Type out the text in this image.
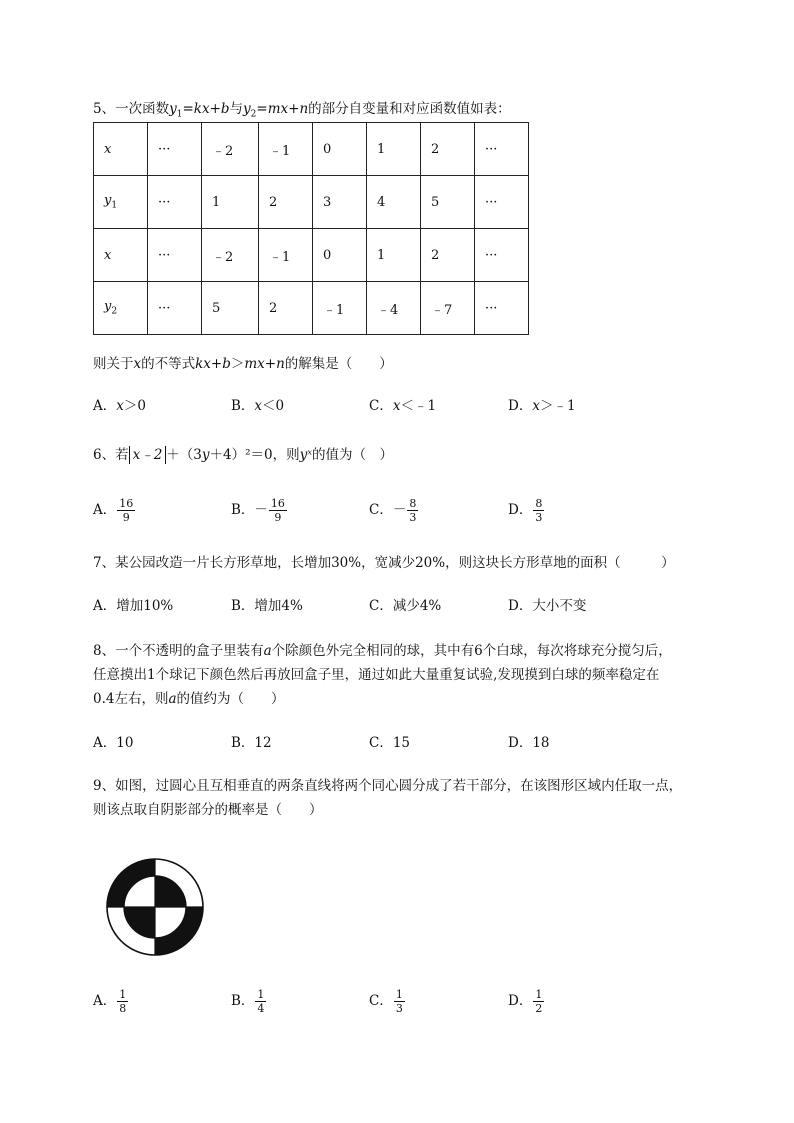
5、一次函数$y_1=kx+b$与$y_2=mx+n$的部分自变量和对应函数值如表：
x	···	﹣2	﹣1	0	1	2	···
$y_1$	···	1	2	3	4	5	···
x	···	﹣2	﹣1	0	1	2	···
$y_2$	···	5	2	﹣1	﹣4	﹣7	···
则关于x的不等式kx+b＞mx+n的解集是（　　）
A．x＞0	B．x＜0	C．x＜﹣1	D．x＞﹣1
6、若 x﹣2 ＋（3y＋4）²＝0，则yˣ的值为（　）
A． $\frac{16}{9}$	B．－ $\frac{16}{9}$	C．－ $\frac{8}{3}$	D． $\frac{8}{3}$
7、某公园改造一片长方形草地，长增加30%，宽减少20%，则这块长方形草地的面积（　　　）
A．增加10%	B．增加4%	C．减少4%	D．大小不变
8、一个不透明的盒子里装有a个除颜色外完全相同的球，其中有6个白球，每次将球充分搅匀后，
任意摸出1个球记下颜色然后再放回盒子里，通过如此大量重复试验,发现摸到白球的频率稳定在
0.4左右，则a的值约为（　　）
A．10	B．12	C．15	D．18
9、如图，过圆心且互相垂直的两条直线将两个同心圆分成了若干部分，在该图形区域内任取一点，
则该点取自阴影部分的概率是（　　）
A． $\frac{1}{8}$	B． $\frac{1}{4}$	C． $\frac{1}{3}$	D． $\frac{1}{2}$
